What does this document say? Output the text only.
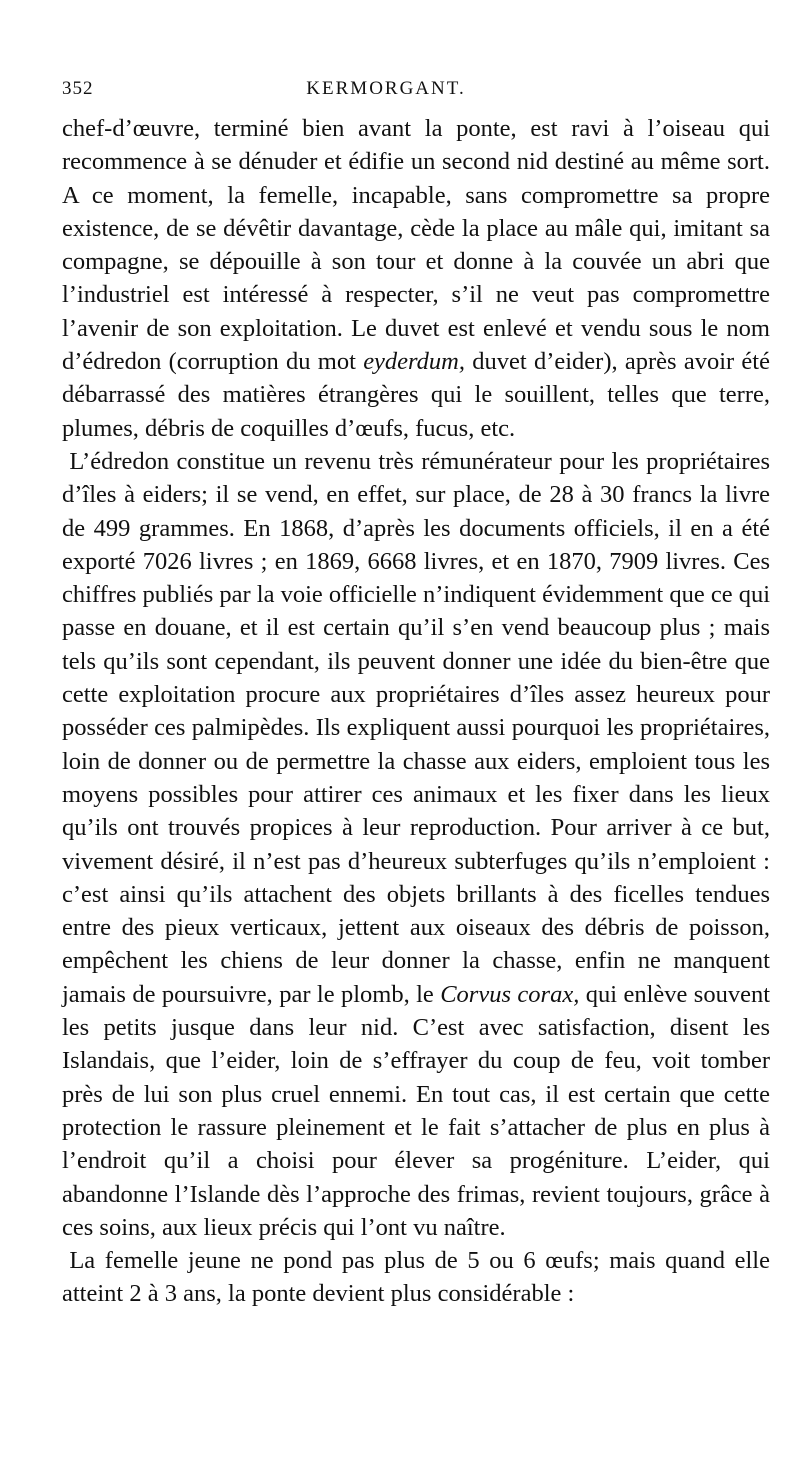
352	KERMORGANT.

chef-d’œuvre, terminé bien avant la ponte, est ravi à l’oiseau qui recommence à se dénuder et édifie un second nid destiné au même sort. A ce moment, la femelle, incapable, sans compromettre sa propre existence, de se dévêtir davantage, cède la place au mâle qui, imitant sa compagne, se dépouille à son tour et donne à la couvée un abri que l’industriel est intéressé à respecter, s’il ne veut pas compromettre l’avenir de son exploitation. Le duvet est enlevé et vendu sous le nom d’édredon (corruption du mot eyderdum, duvet d’eider), après avoir été débarrassé des matières étrangères qui le souillent, telles que terre, plumes, débris de coquilles d’œufs, fucus, etc.

L’édredon constitue un revenu très rémunérateur pour les propriétaires d’îles à eiders; il se vend, en effet, sur place, de 28 à 30 francs la livre de 499 grammes. En 1868, d’après les documents officiels, il en a été exporté 7026 livres ; en 1869, 6668 livres, et en 1870, 7909 livres. Ces chiffres publiés par la voie officielle n’indiquent évidemment que ce qui passe en douane, et il est certain qu’il s’en vend beaucoup plus ; mais tels qu’ils sont cependant, ils peuvent donner une idée du bien-être que cette exploitation procure aux propriétaires d’îles assez heureux pour posséder ces palmipèdes. Ils expliquent aussi pourquoi les propriétaires, loin de donner ou de permettre la chasse aux eiders, emploient tous les moyens possibles pour attirer ces animaux et les fixer dans les lieux qu’ils ont trouvés propices à leur reproduction. Pour arriver à ce but, vivement désiré, il n’est pas d’heureux subterfuges qu’ils n’emploient : c’est ainsi qu’ils attachent des objets brillants à des ficelles tendues entre des pieux verticaux, jettent aux oiseaux des débris de poisson, empêchent les chiens de leur donner la chasse, enfin ne manquent jamais de poursuivre, par le plomb, le Corvus corax, qui enlève souvent les petits jusque dans leur nid. C’est avec satisfaction, disent les Islandais, que l’eider, loin de s’effrayer du coup de feu, voit tomber près de lui son plus cruel ennemi. En tout cas, il est certain que cette protection le rassure pleinement et le fait s’attacher de plus en plus à l’endroit qu’il a choisi pour élever sa progéniture. L’eider, qui abandonne l’Islande dès l’approche des frimas, revient toujours, grâce à ces soins, aux lieux précis qui l’ont vu naître.

La femelle jeune ne pond pas plus de 5 ou 6 œufs; mais quand elle atteint 2 à 3 ans, la ponte devient plus considérable :
